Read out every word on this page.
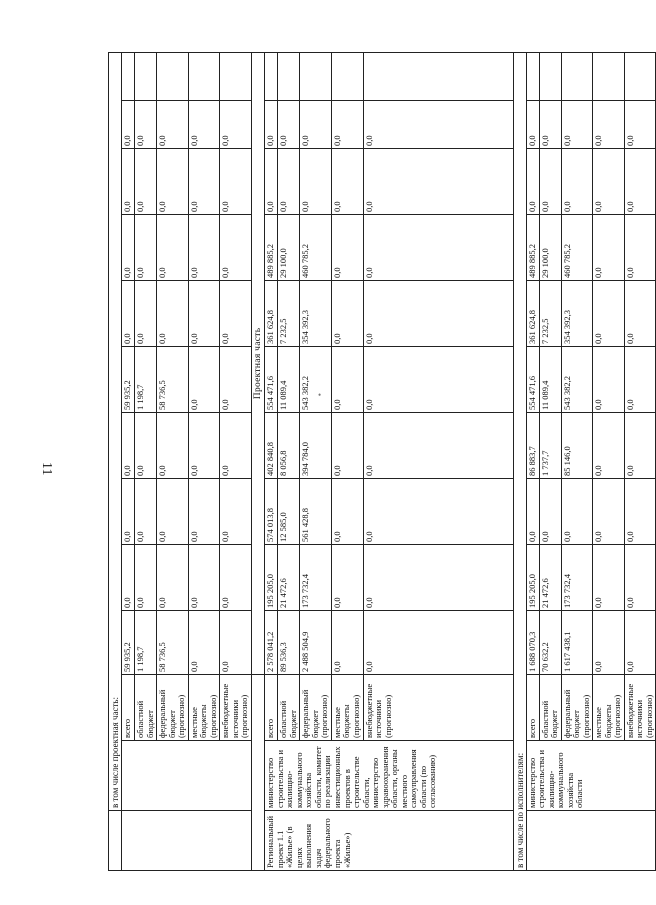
11
•
	в том числе проектная часть:											
		всего	59 935,2	0,0	0,0	0,0	59 935,2	0,0	0,0	0,0	0,0	
		областной бюджет	1 198,7	0,0	0,0	0,0	1 198,7	0,0	0,0	0,0	0,0	
		федеральный бюджет (прогнозно)	58 736,5	0,0	0,0	0,0	58 736,5	0,0	0,0	0,0	0,0	
		местные бюджеты (прогнозно)	0,0	0,0	0,0	0,0	0,0	0,0	0,0	0,0	0,0	
		внебюджетные источники (прогнозно)	0,0	0,0	0,0	0,0	0,0	0,0	0,0	0,0	0,0	
			Проектная часть									
Региональный проект 1.1 «Жилье» (в целях выполнения задач федерального проекта «Жилье»)	министерство строительства и жилищно-коммунального хозяйства области, комитет по реализации инвестиционных проектов в строительстве области, министерство здравоохранения области, органы местного самоуправления области (по согласованию)	всего	2 578 041,2	195 205,0	574 013,8	402 840,8	554 471,6	361 624,8	489 885,2	0,0	0,0	
		областной бюджет	89 536,3	21 472,6	12 585,0	8 056,8	11 089,4	7 232,5	29 100,0	0,0	0,0	
		федеральный бюджет (прогнозно)	2 488 504,9	173 732,4	561 428,8	394 784,0	543 382,2	354 392,3	460 785,2	0,0	0,0	
		местные бюджеты (прогнозно)	0,0	0,0	0,0	0,0	0,0	0,0	0,0	0,0	0,0	
		внебюджетные источники (прогнозно)	0,0	0,0	0,0	0,0	0,0	0,0	0,0	0,0	0,0	
в том числе по исполнителям:												
	министерство строительства и жилищно-коммунального хозяйства области	всего	1 688 070,3	195 205,0	0,0	86 883,7	554 471,6	361 624,8	489 885,2	0,0	0,0	
		областной бюджет	70 632,2	21 472,6	0,0	1 737,7	11 089,4	7 232,5	29 100,0	0,0	0,0	
		федеральный бюджет (прогнозно)	1 617 438,1	173 732,4	0,0	85 146,0	543 382,2	354 392,3	460 785,2	0,0	0,0	
		местные бюджеты (прогнозно)	0,0	0,0	0,0	0,0	0,0	0,0	0,0	0,0	0,0	
		внебюджетные источники (прогнозно)	0,0	0,0	0,0	0,0	0,0	0,0	0,0	0,0	0,0	
